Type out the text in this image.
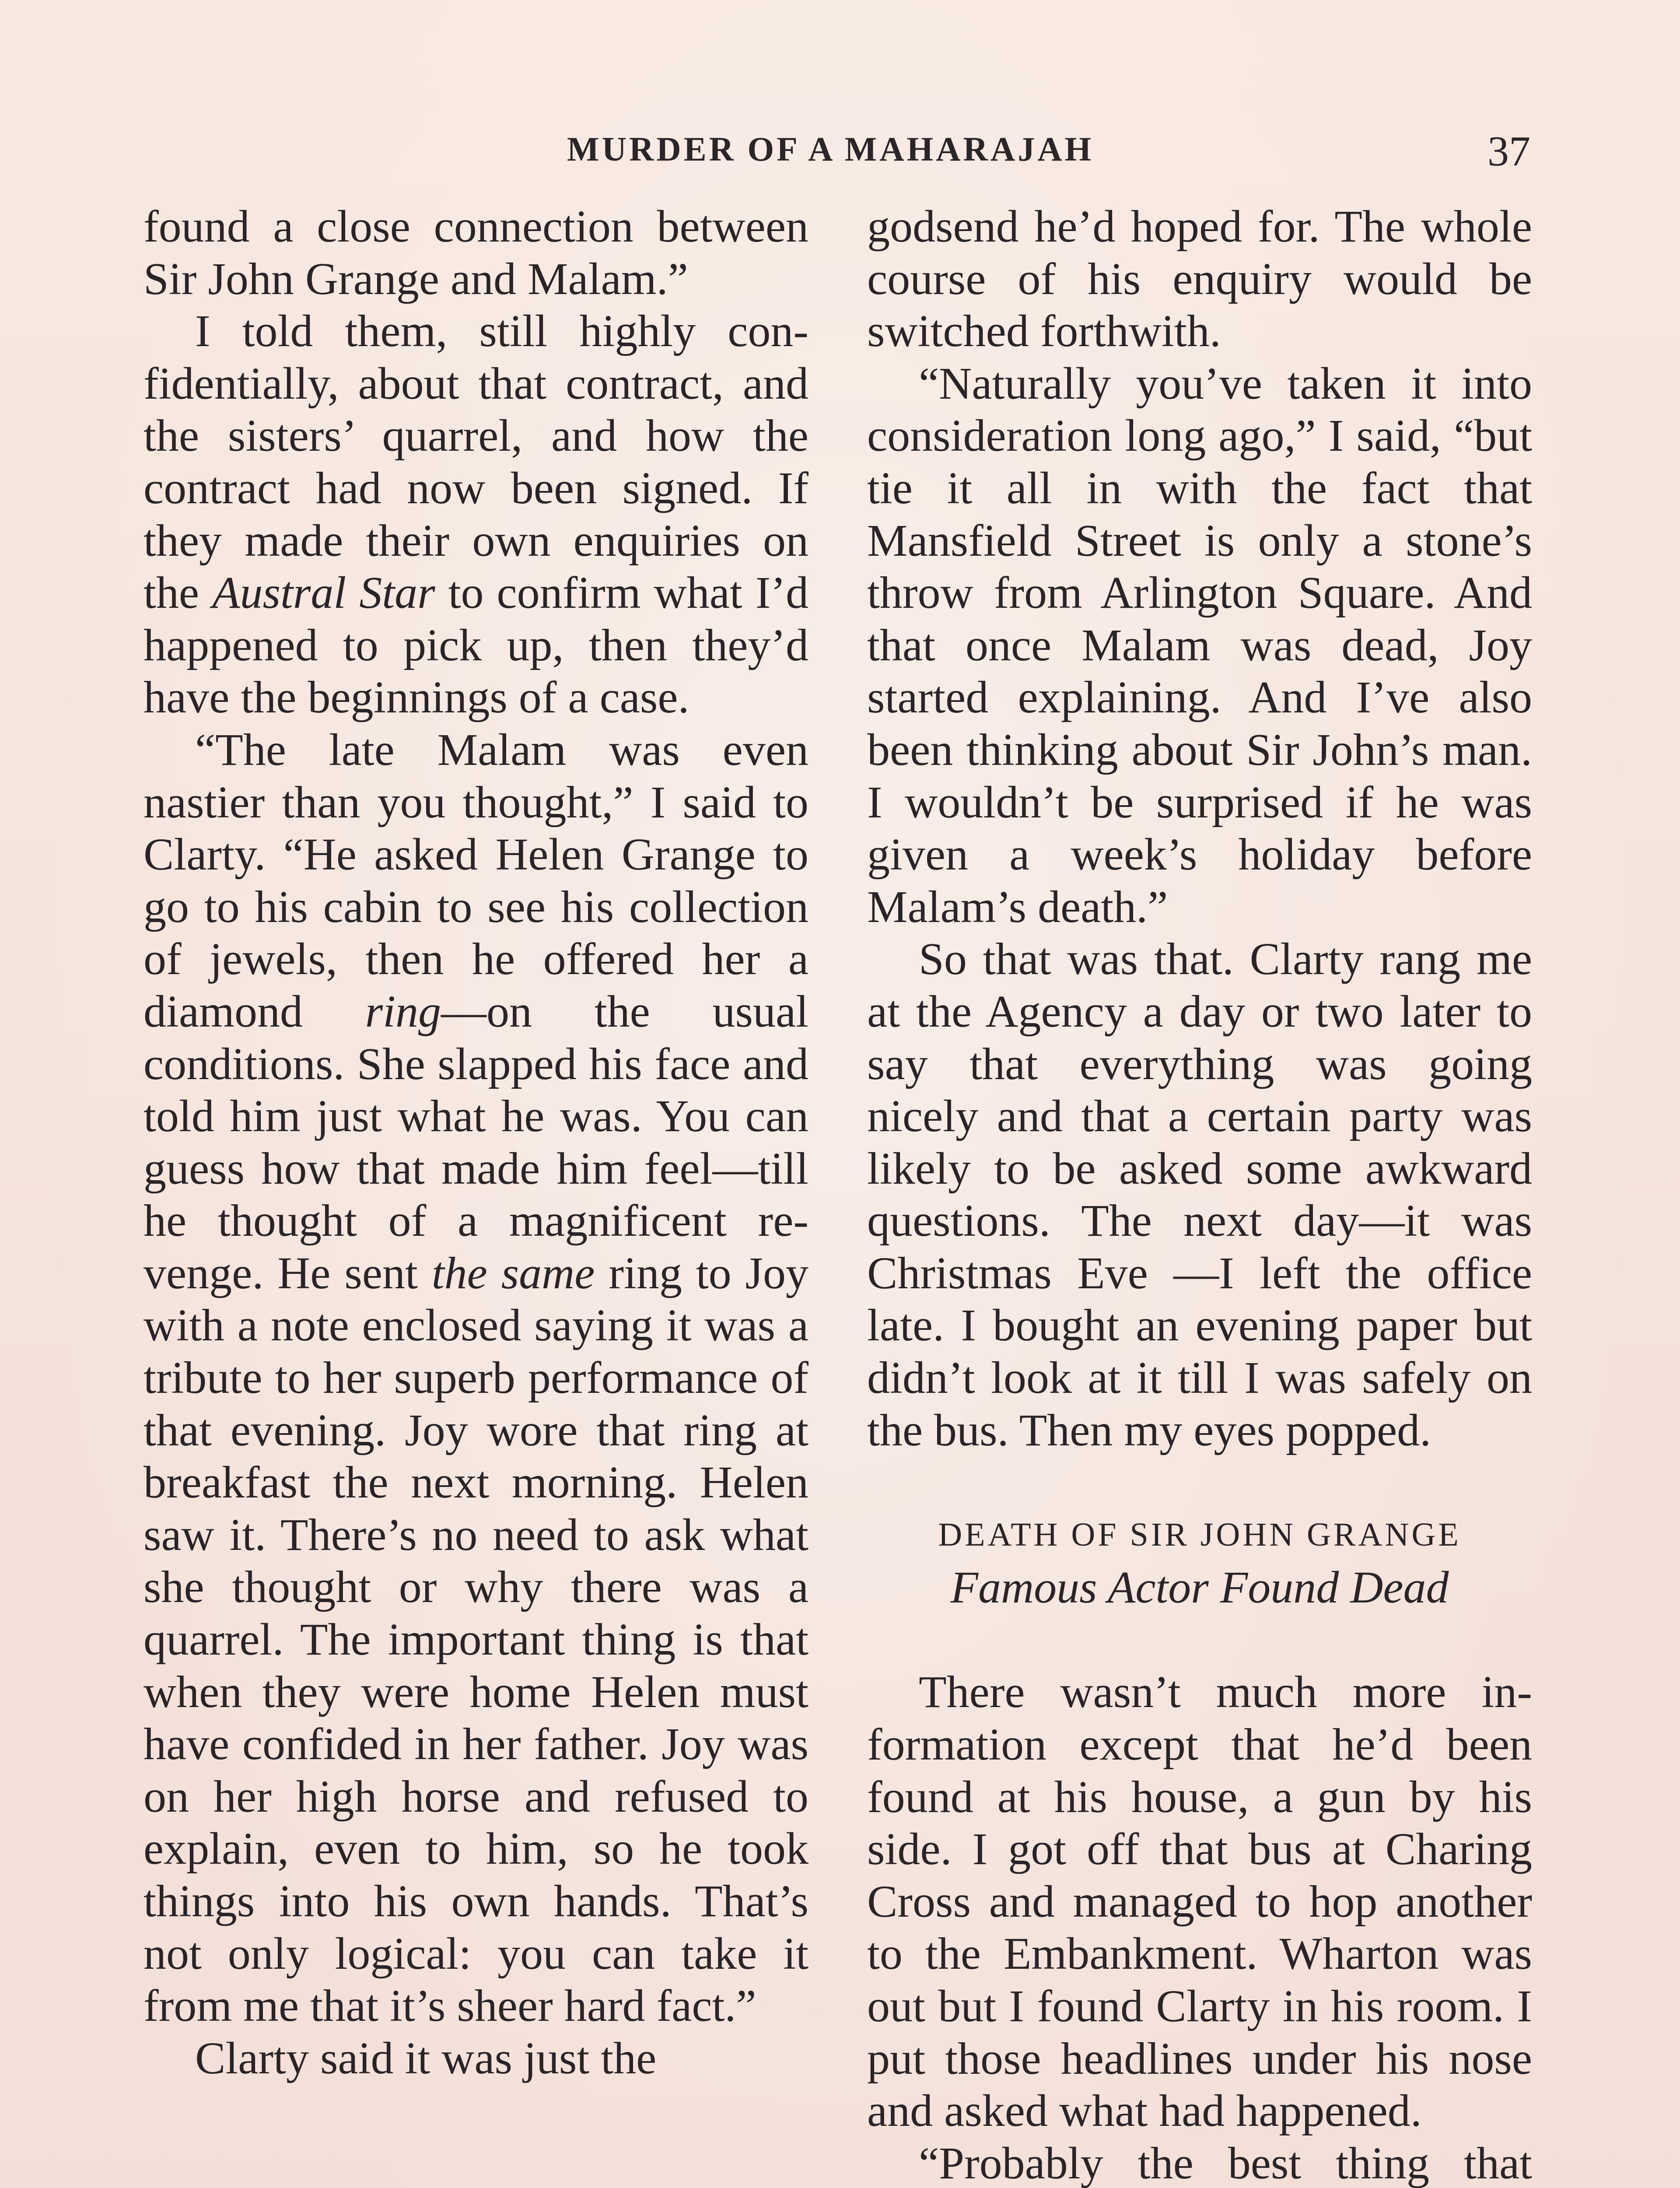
MURDER OF A MAHARAJAH	37

found a close connection between Sir John Grange and Malam.”

I told them, still highly confidentially, about that contract, and the sisters’ quarrel, and how the contract had now been signed. If they made their own enquiries on the Austral Star to confirm what I’d happened to pick up, then they’d have the beginnings of a case.

“The late Malam was even nastier than you thought,” I said to Clarty. “He asked Helen Grange to go to his cabin to see his collection of jewels, then he offered her a diamond ring—on the usual conditions. She slapped his face and told him just what he was. You can guess how that made him feel—till he thought of a magnificent revenge. He sent the same ring to Joy with a note enclosed saying it was a tribute to her superb performance of that evening. Joy wore that ring at breakfast the next morning. Helen saw it. There’s no need to ask what she thought or why there was a quarrel. The important thing is that when they were home Helen must have confided in her father. Joy was on her high horse and refused to explain, even to him, so he took things into his own hands. That’s not only logical: you can take it from me that it’s sheer hard fact.”

Clarty said it was just the

godsend he’d hoped for. The whole course of his enquiry would be switched forthwith.

“Naturally you’ve taken it into consideration long ago,” I said, “but tie it all in with the fact that Mansfield Street is only a stone’s throw from Arlington Square. And that once Malam was dead, Joy started explaining. And I’ve also been thinking about Sir John’s man. I wouldn’t be surprised if he was given a week’s holiday before Malam’s death.”

So that was that. Clarty rang me at the Agency a day or two later to say that everything was going nicely and that a certain party was likely to be asked some awkward questions. The next day—it was Christmas Eve —I left the office late. I bought an evening paper but didn’t look at it till I was safely on the bus. Then my eyes popped.

DEATH OF SIR JOHN GRANGE
Famous Actor Found Dead

There wasn’t much more information except that he’d been found at his house, a gun by his side. I got off that bus at Charing Cross and managed to hop another to the Embankment. Wharton was out but I found Clarty in his room. I put those headlines under his nose and asked what had happened.

“Probably the best thing that
